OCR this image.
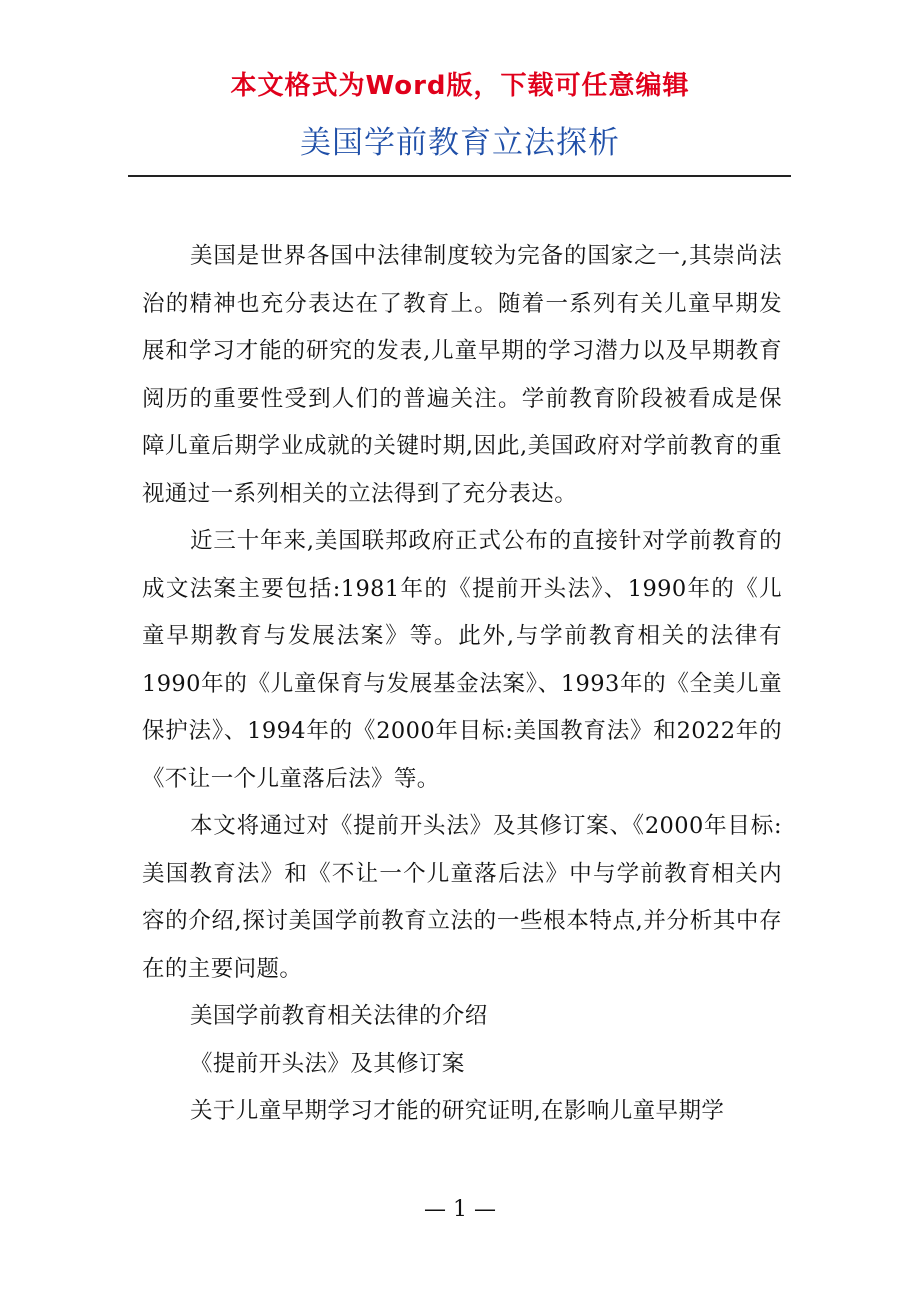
本文格式为Word版，下载可任意编辑
美国学前教育立法探析

美国是世界各国中法律制度较为完备的国家之一,其崇尚法治的精神也充分表达在了教育上。随着一系列有关儿童早期发展和学习才能的研究的发表,儿童早期的学习潜力以及早期教育阅历的重要性受到人们的普遍关注。学前教育阶段被看成是保障儿童后期学业成就的关键时期,因此,美国政府对学前教育的重视通过一系列相关的立法得到了充分表达。

近三十年来,美国联邦政府正式公布的直接针对学前教育的成文法案主要包括:1981年的《提前开头法》、1990年的《儿童早期教育与发展法案》等。此外,与学前教育相关的法律有1990年的《儿童保育与发展基金法案》、1993年的《全美儿童保护法》、1994年的《2000年目标:美国教育法》和2022年的《不让一个儿童落后法》等。

本文将通过对《提前开头法》及其修订案、《2000年目标:美国教育法》和《不让一个儿童落后法》中与学前教育相关内容的介绍,探讨美国学前教育立法的一些根本特点,并分析其中存在的主要问题。

美国学前教育相关法律的介绍

《提前开头法》及其修订案

关于儿童早期学习才能的研究证明,在影响儿童早期学

— 1 —
